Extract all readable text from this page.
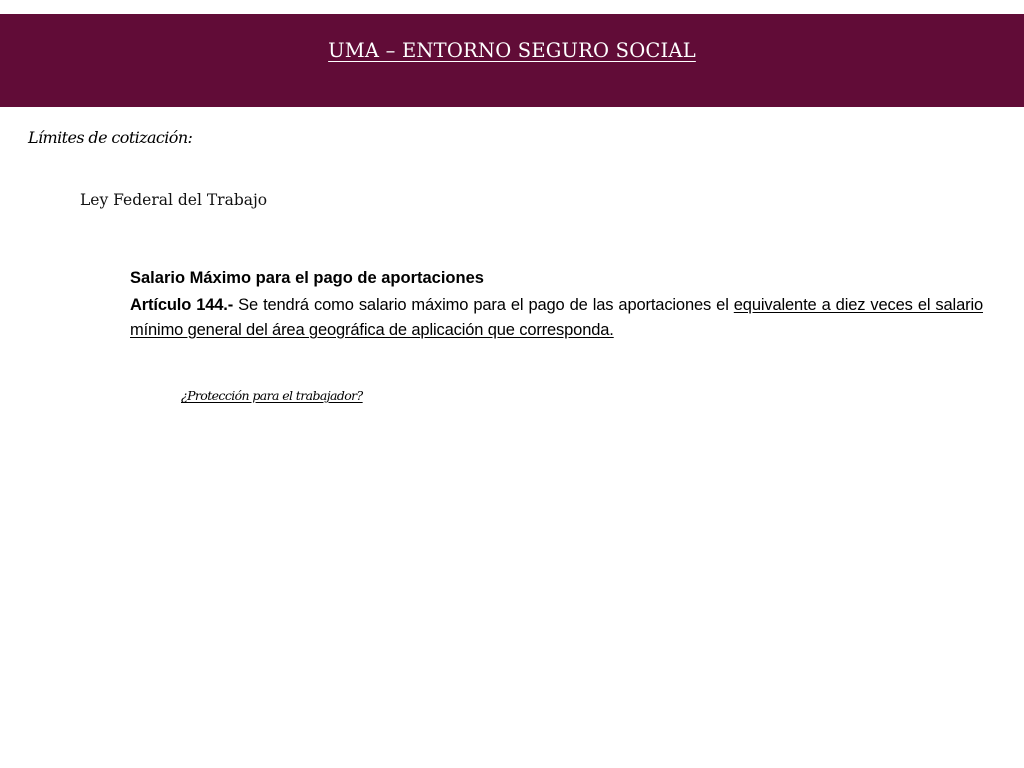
UMA – ENTORNO SEGURO SOCIAL
Límites de cotización:
Ley Federal del Trabajo

Salario Máximo para el pago de aportaciones

Artículo 144.- Se tendrá como salario máximo para el pago de las aportaciones el equivalente a diez veces el salario mínimo general del área geográfica de aplicación que corresponda.

¿Protección para el trabajador?
